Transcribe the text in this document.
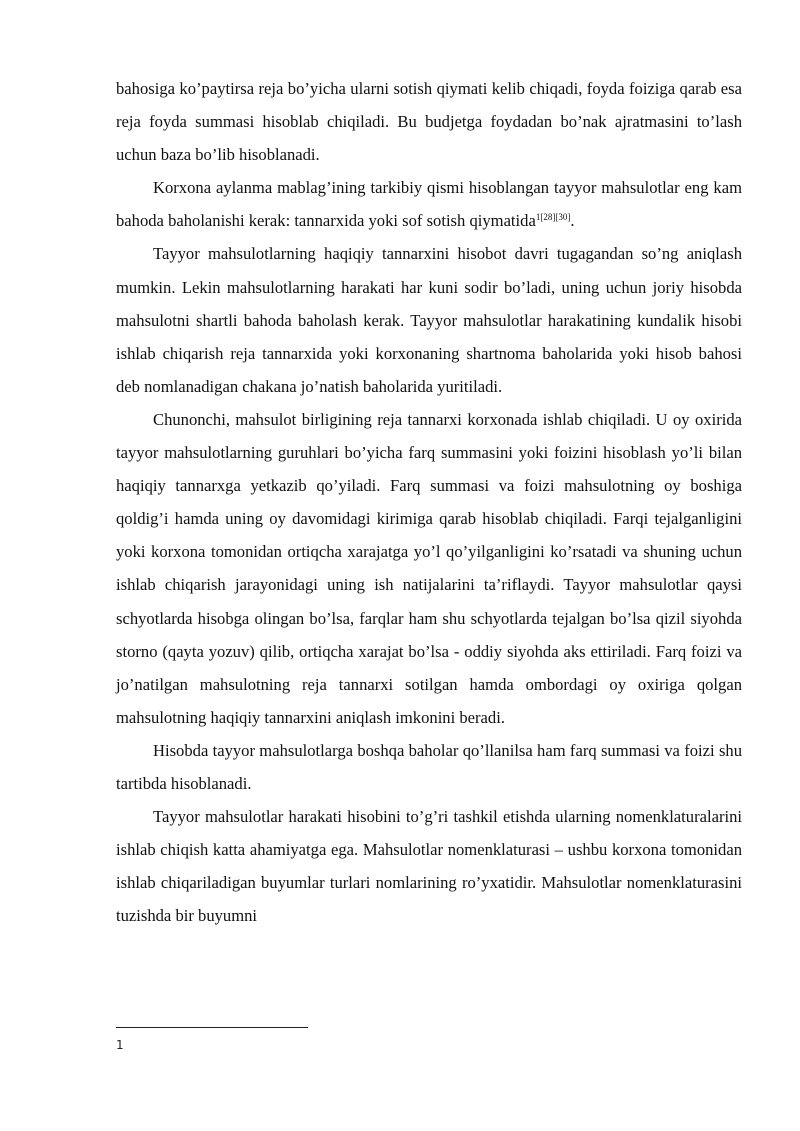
bahosiga ko’paytirsa reja bo’yicha ularni sotish qiymati kelib chiqadi, foyda foiziga qarab esa reja foyda summasi hisoblab chiqiladi. Bu budjetga foydadan bo’nak ajratmasini to’lash uchun baza bo’lib hisoblanadi.

Korxona aylanma mablag’ining tarkibiy qismi hisoblangan tayyor mahsulotlar eng kam bahoda baholanishi kerak: tannarxida yoki sof sotish qiymatida$^{1[28][30]}$.

Tayyor mahsulotlarning haqiqiy tannarxini hisobot davri tugagandan so’ng aniqlash mumkin. Lekin mahsulotlarning harakati har kuni sodir bo’ladi, uning uchun joriy hisobda mahsulotni shartli bahoda baholash kerak. Tayyor mahsulotlar harakatining kundalik hisobi ishlab chiqarish reja tannarxida yoki korxonaning shartnoma baholarida yoki hisob bahosi deb nomlanadigan chakana jo’natish baholarida yuritiladi.

Chunonchi, mahsulot birligining reja tannarxi korxonada ishlab chiqiladi. U oy oxirida tayyor mahsulotlarning guruhlari bo’yicha farq summasini yoki foizini hisoblash yo’li bilan haqiqiy tannarxga yetkazib qo’yiladi. Farq summasi va foizi mahsulotning oy boshiga qoldig’i hamda uning oy davomidagi kirimiga qarab hisoblab chiqiladi. Farqi tejalganligini yoki korxona tomonidan ortiqcha xarajatga yo’l qo’yilganligini ko’rsatadi va shuning uchun ishlab chiqarish jarayonidagi uning ish natijalarini ta’riflaydi. Tayyor mahsulotlar qaysi schyotlarda hisobga olingan bo’lsa, farqlar ham shu schyotlarda tejalgan bo’lsa qizil siyohda storno (qayta yozuv) qilib, ortiqcha xarajat bo’lsa - oddiy siyohda aks ettiriladi. Farq foizi va jo’natilgan mahsulotning reja tannarxi sotilgan hamda ombordagi oy oxiriga qolgan mahsulotning haqiqiy tannarxini aniqlash imkonini beradi.

Hisobda tayyor mahsulotlarga boshqa baholar qo’llanilsa ham farq summasi va foizi shu tartibda hisoblanadi.

Tayyor mahsulotlar harakati hisobini to’g’ri tashkil etishda ularning nomenklaturalarini ishlab chiqish katta ahamiyatga ega. Mahsulotlar nomenklaturasi – ushbu korxona tomonidan ishlab chiqariladigan buyumlar turlari nomlarining ro’yxatidir. Mahsulotlar nomenklaturasini tuzishda bir buyumni

1
